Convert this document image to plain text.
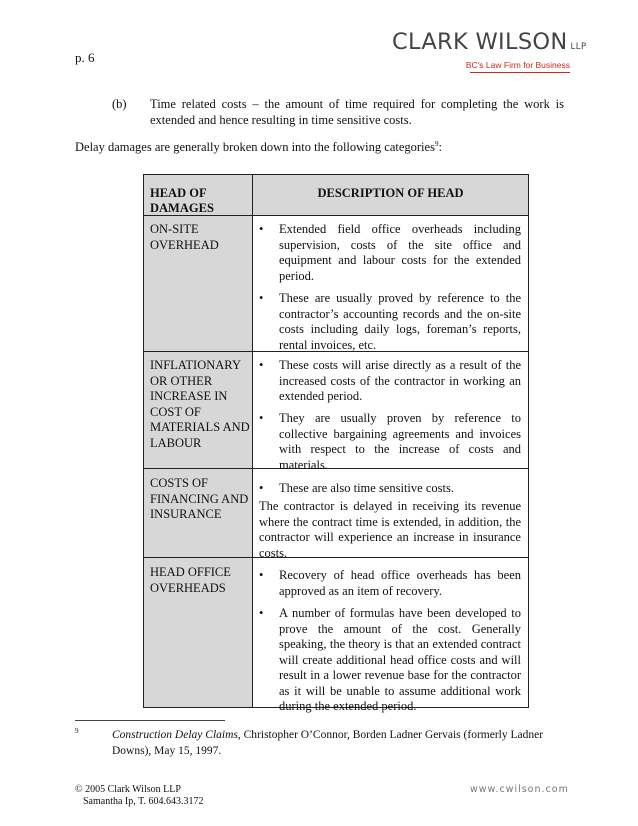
p. 6
CLARK WILSON LLP
BC's Law Firm for Business
(b) Time related costs – the amount of time required for completing the work is extended and hence resulting in time sensitive costs.
Delay damages are generally broken down into the following categories$^9$:
HEAD OF DAMAGES
DESCRIPTION OF HEAD
ON-SITE OVERHEAD
•	Extended field office overheads including supervision, costs of the site office and equipment and labour costs for the extended period.
•	These are usually proved by reference to the contractor’s accounting records and the on-site costs including daily logs, foreman’s reports, rental invoices, etc.
INFLATIONARY OR OTHER INCREASE IN COST OF MATERIALS AND LABOUR
•	These costs will arise directly as a result of the increased costs of the contractor in working an extended period.
•	They are usually proven by reference to collective bargaining agreements and invoices with respect to the increase of costs and materials.
COSTS OF FINANCING AND INSURANCE
•	These are also time sensitive costs.
The contractor is delayed in receiving its revenue where the contract time is extended, in addition, the contractor will experience an increase in insurance costs.
HEAD OFFICE OVERHEADS
•	Recovery of head office overheads has been approved as an item of recovery.
•	A number of formulas have been developed to prove the amount of the cost. Generally speaking, the theory is that an extended contract will create additional head office costs and will result in a lower revenue base for the contractor as it will be unable to assume additional work during the extended period.
9	Construction Delay Claims, Christopher O’Connor, Borden Ladner Gervais (formerly Ladner Downs), May 15, 1997.
© 2005 Clark Wilson LLP
Samantha Ip, T. 604.643.3172
www.cwilson.com
